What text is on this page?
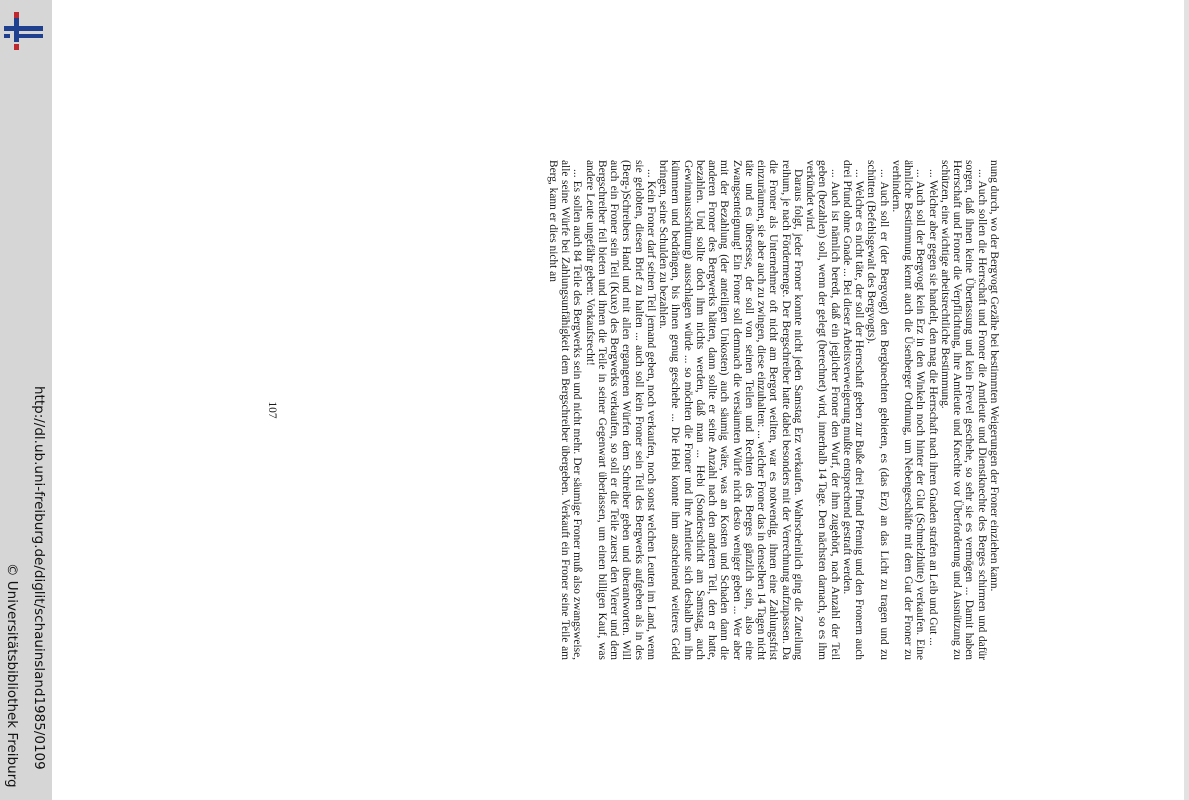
http://dl.ub.uni-freiburg.de/diglit/schauinsland1985/0109
© Universitätsbibliothek Freiburg

nung durch, wo der Bergvogt Gezähe bei bestimmten Weigerungen der Froner einziehen kann.

... Auch sollen die Herrschaft und Froner die Amtleute und Dienstknechte des Berges schirmen und dafür sorgen, daß ihnen keine Übertassung und kein Frevel geschehe, so sehr sie es vermögen ... Damit haben Herrschaft und Froner die Verpflichtung, ihre Amtleute und Knechte vor Überforderung und Ausnützung zu schützen, eine wichtige arbeitsrechtliche Bestimmung.

... Welcher aber gegen sie handelt, den mag die Herrschaft nach ihren Gnaden strafen an Leib und Gut ...

... Auch soll der Bergvogt kein Erz in den Winkeln noch hinter der Glut (Schmelzhütte) verkaufen. Eine ähnliche Bestimmung kennt auch die Üsenberger Ordnung, um Nebengeschäfte mit dem Gut der Froner zu verhindern.

... Auch soll er (der Bergvogt) den Bergknechten gebieten, es (das Erz) an das Licht zu tragen und zu schütten (Befehlsgewalt des Bergvogts).

... Welcher es nicht täte, der soll der Herrschaft geben zur Buße drei Pfund Pfennig und den Fronern auch drei Pfund ohne Gnade ... Bei dieser Arbeitsverweigerung mußte entsprechend gestraft werden.

... Auch ist nämlich beredt, daß ein jeglicher Froner den Wurf, der ihm zugehört, nach Anzahl der Teil geben (bezahlen) soll, wenn der gelegt (berechnet) wird, innerhalb 14 Tage. Den nächsten darnach, so es ihm verkündet wird.

Daraus folgt, jeder Froner konnte nicht jeden Samstag Erz verkaufen. Wahrscheinlich ging die Zuteilung reihum, je nach Fördermenge. Der Bergschreiber hatte dabei besonders mit der Verrechnung aufzupassen. Da die Froner als Unternehmer oft nicht am Bergort weilten, war es notwendig, ihnen eine Zahlungsfrist einzuräumen, sie aber auch zu zwingen, diese einzuhalten: ... welcher Froner das in denselben 14 Tagen nicht täte und es übersesse, der soll von seinen Teilen und Rechten des Berges gänzlich sein, also eine Zwangsenteignung! Ein Froner soll demnach die versäumten Würfe nicht desto weniger geben ... Wer aber mit der Bezahlung (der anteiligen Unkosten) auch säumig wäre, was an Kosten und Schaden dann die anderen Froner des Bergwerks hätten, dann sollte er seine Anzahl nach den anderen Teil, den er hatte, bezahlen. Und sollte doch ihm nichts werden, daß man ... Hebi (Sonderschicht am Samstag, auch Gewinnausschüttung) ausschlagen würde ... so möchten die Froner und ihre Amtleute sich deshalb um ihn kümmern und bedrängen, bis ihnen genug geschehe ... Die Hebi konnte ihm anscheinend weiteres Geld bringen, seine Schulden zu bezahlen.

... Kein Froner darf seinen Teil jemand geben, noch verkaufen, noch sonst welchen Leuten im Land, wenn sie gelobten, diesen Brief zu halten ... auch soll kein Froner sein Teil des Bergwerks aufgeben als in des (Berg-)Schreibers Hand und mit allen ergangenen Würfen dem Schreiber geben und überantworten. Will auch ein Froner sein Teil (Kuxe) des Bergwerks verkaufen, so soll er die Teile zuerst den Vierer und dem Bergschreiber feil bieten und ihnen die Teile in seiner Gegenwart überlassen, um einen billigen Kauf, was andere Leute ungefähr geben: Vorkaufsrecht!

... Es sollen auch 84 Teile des Bergwerks sein und nicht mehr. Der säumige Froner muß also zwangsweise, alle seine Würfe bei Zahlungsunfähigkeit dem Bergschreiber übergeben. Verkauft ein Froner seine Teile am Berg, kann er dies nicht an

107
